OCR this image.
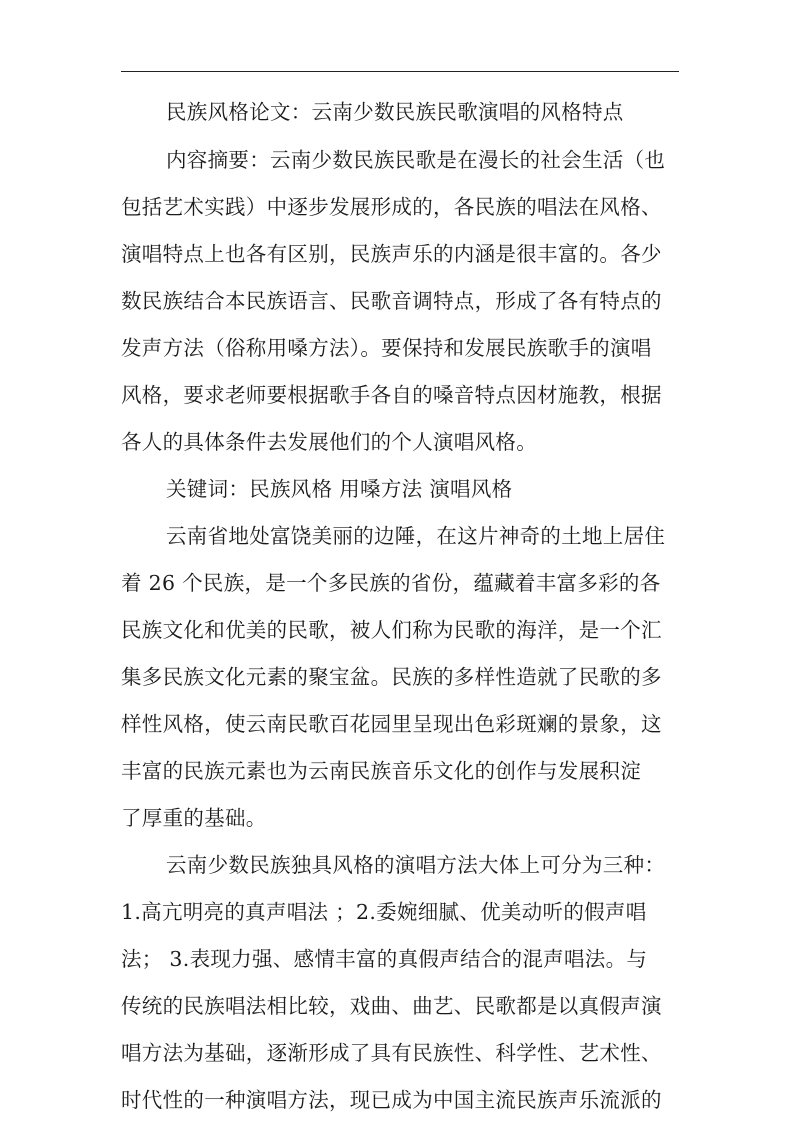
民族风格论文：云南少数民族民歌演唱的风格特点
内容摘要：云南少数民族民歌是在漫长的社会生活（也
包括艺术实践）中逐步发展形成的，各民族的唱法在风格、
演唱特点上也各有区别，民族声乐的内涵是很丰富的。各少
数民族结合本民族语言、民歌音调特点，形成了各有特点的
发声方法（俗称用嗓方法）。要保持和发展民族歌手的演唱
风格，要求老师要根据歌手各自的嗓音特点因材施教，根据
各人的具体条件去发展他们的个人演唱风格。
关键词：民族风格 用嗓方法 演唱风格
云南省地处富饶美丽的边陲，在这片神奇的土地上居住
着 26 个民族，是一个多民族的省份，蕴藏着丰富多彩的各
民族文化和优美的民歌，被人们称为民歌的海洋，是一个汇
集多民族文化元素的聚宝盆。民族的多样性造就了民歌的多
样性风格，使云南民歌百花园里呈现出色彩斑斓的景象，这
丰富的民族元素也为云南民族音乐文化的创作与发展积淀
了厚重的基础。
云南少数民族独具风格的演唱方法大体上可分为三种：
1.高亢明亮的真声唱法 ；2.委婉细腻、优美动听的假声唱
法； 3.表现力强、感情丰富的真假声结合的混声唱法。与
传统的民族唱法相比较，戏曲、曲艺、民歌都是以真假声演
唱方法为基础，逐渐形成了具有民族性、科学性、艺术性、
时代性的一种演唱方法，现已成为中国主流民族声乐流派的
